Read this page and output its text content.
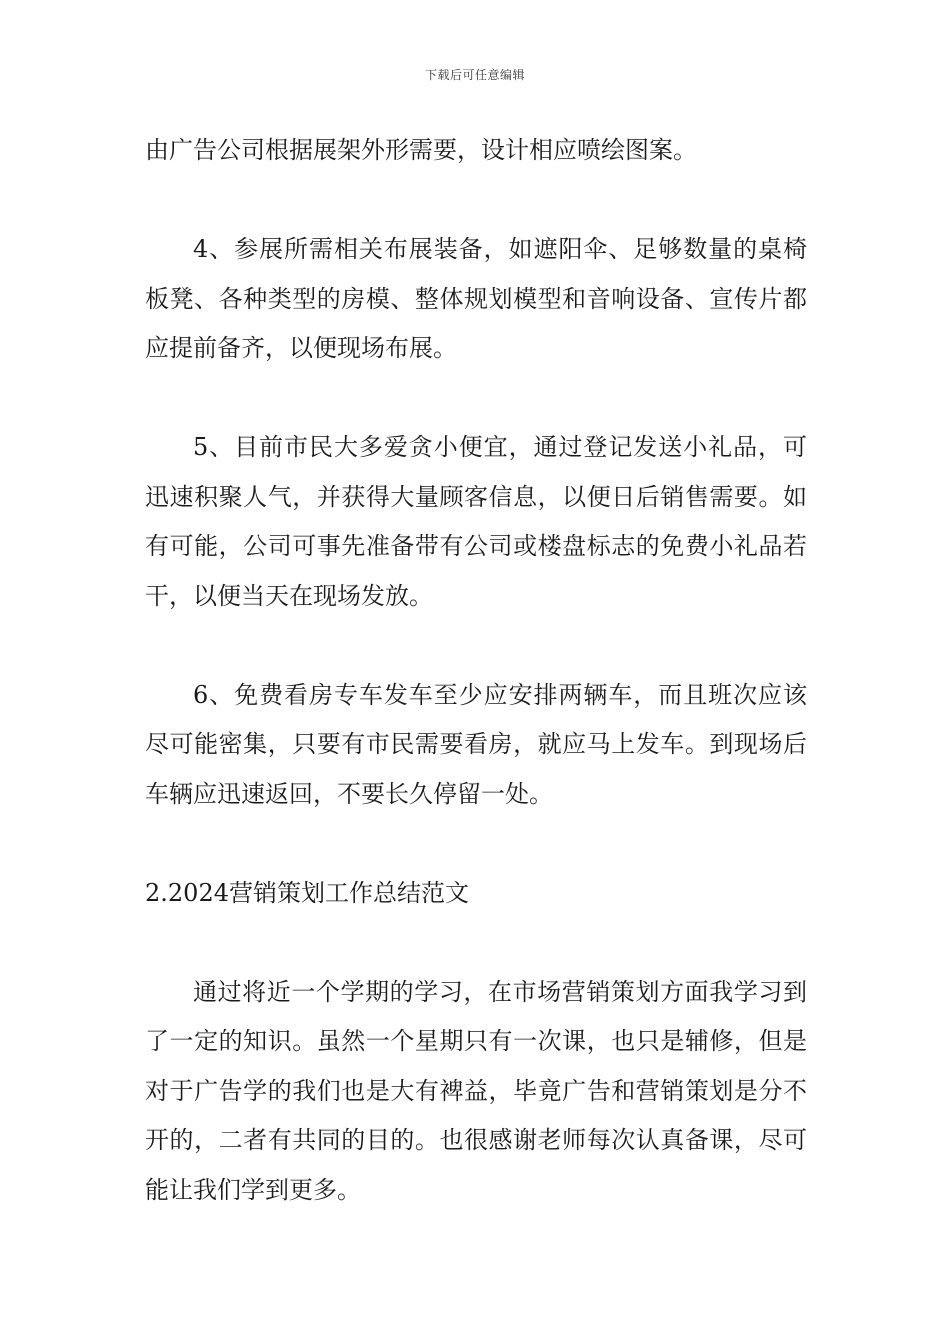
下载后可任意编辑

由广告公司根据展架外形需要，设计相应喷绘图案。

4、参展所需相关布展装备，如遮阳伞、足够数量的桌椅板凳、各种类型的房模、整体规划模型和音响设备、宣传片都应提前备齐，以便现场布展。

5、目前市民大多爱贪小便宜，通过登记发送小礼品，可迅速积聚人气，并获得大量顾客信息，以便日后销售需要。如有可能，公司可事先准备带有公司或楼盘标志的免费小礼品若干，以便当天在现场发放。

6、免费看房专车发车至少应安排两辆车，而且班次应该尽可能密集，只要有市民需要看房，就应马上发车。到现场后车辆应迅速返回，不要长久停留一处。

2.2024营销策划工作总结范文

通过将近一个学期的学习，在市场营销策划方面我学习到了一定的知识。虽然一个星期只有一次课，也只是辅修，但是对于广告学的我们也是大有裨益，毕竟广告和营销策划是分不开的，二者有共同的目的。也很感谢老师每次认真备课，尽可能让我们学到更多。
